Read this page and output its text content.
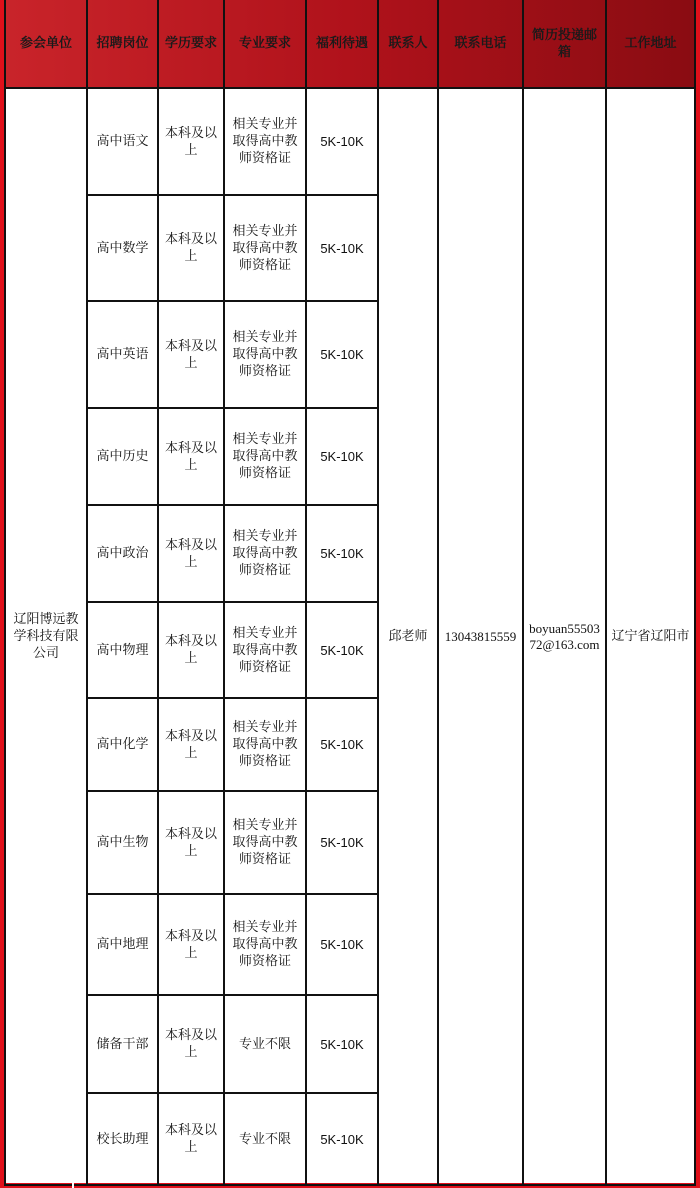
参会单位	招聘岗位	学历要求	专业要求	福利待遇	联系人	联系电话	简历投递邮箱	工作地址
辽阳博远教学科技有限公司	高中语文	本科及以上	相关专业并取得高中教师资格证	5K-10K	邱老师	13043815559	boyuan5550372@163.com	辽宁省辽阳市
	高中数学	本科及以上	相关专业并取得高中教师资格证	5K-10K				
	高中英语	本科及以上	相关专业并取得高中教师资格证	5K-10K				
	高中历史	本科及以上	相关专业并取得高中教师资格证	5K-10K				
	高中政治	本科及以上	相关专业并取得高中教师资格证	5K-10K				
	高中物理	本科及以上	相关专业并取得高中教师资格证	5K-10K				
	高中化学	本科及以上	相关专业并取得高中教师资格证	5K-10K				
	高中生物	本科及以上	相关专业并取得高中教师资格证	5K-10K				
	高中地理	本科及以上	相关专业并取得高中教师资格证	5K-10K				
	储备干部	本科及以上	专业不限	5K-10K				
	校长助理	本科及以上	专业不限	5K-10K				
